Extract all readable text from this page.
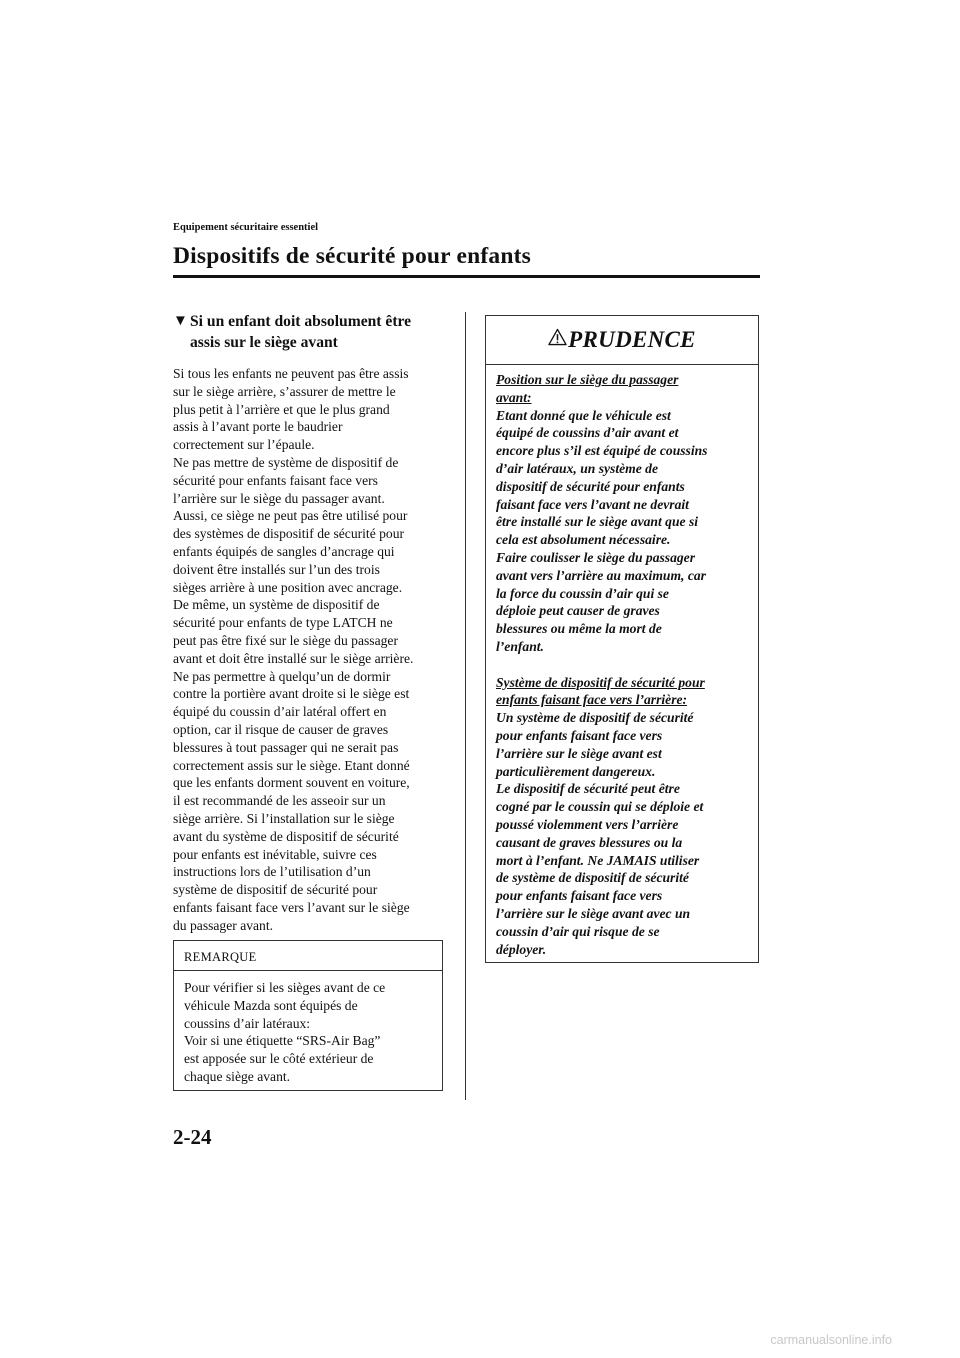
Equipement sécuritaire essentiel
Dispositifs de sécurité pour enfants
▼ Si un enfant doit absolument être
assis sur le siège avant

Si tous les enfants ne peuvent pas être assis
sur le siège arrière, s’assurer de mettre le
plus petit à l’arrière et que le plus grand
assis à l’avant porte le baudrier
correctement sur l’épaule.
Ne pas mettre de système de dispositif de
sécurité pour enfants faisant face vers
l’arrière sur le siège du passager avant.
Aussi, ce siège ne peut pas être utilisé pour
des systèmes de dispositif de sécurité pour
enfants équipés de sangles d’ancrage qui
doivent être installés sur l’un des trois
sièges arrière à une position avec ancrage.
De même, un système de dispositif de
sécurité pour enfants de type LATCH ne
peut pas être fixé sur le siège du passager
avant et doit être installé sur le siège arrière.
Ne pas permettre à quelqu’un de dormir
contre la portière avant droite si le siège est
équipé du coussin d’air latéral offert en
option, car il risque de causer de graves
blessures à tout passager qui ne serait pas
correctement assis sur le siège. Etant donné
que les enfants dorment souvent en voiture,
il est recommandé de les asseoir sur un
siège arrière. Si l’installation sur le siège
avant du système de dispositif de sécurité
pour enfants est inévitable, suivre ces
instructions lors de l’utilisation d’un
système de dispositif de sécurité pour
enfants faisant face vers l’avant sur le siège
du passager avant.

REMARQUE
Pour vérifier si les sièges avant de ce
véhicule Mazda sont équipés de
coussins d’air latéraux:
Voir si une étiquette “SRS-Air Bag”
est apposée sur le côté extérieur de
chaque siège avant.
PRUDENCE
Position sur le siège du passager
avant:
Etant donné que le véhicule est
équipé de coussins d’air avant et
encore plus s’il est équipé de coussins
d’air latéraux, un système de
dispositif de sécurité pour enfants
faisant face vers l’avant ne devrait
être installé sur le siège avant que si
cela est absolument nécessaire.
Faire coulisser le siège du passager
avant vers l’arrière au maximum, car
la force du coussin d’air qui se
déploie peut causer de graves
blessures ou même la mort de
l’enfant.
Système de dispositif de sécurité pour
enfants faisant face vers l’arrière:
Un système de dispositif de sécurité
pour enfants faisant face vers
l’arrière sur le siège avant est
particulièrement dangereux.
Le dispositif de sécurité peut être
cogné par le coussin qui se déploie et
poussé violemment vers l’arrière
causant de graves blessures ou la
mort à l’enfant. Ne JAMAIS utiliser
de système de dispositif de sécurité
pour enfants faisant face vers
l’arrière sur le siège avant avec un
coussin d’air qui risque de se
déployer.
2-24
carmanualsonline.info
